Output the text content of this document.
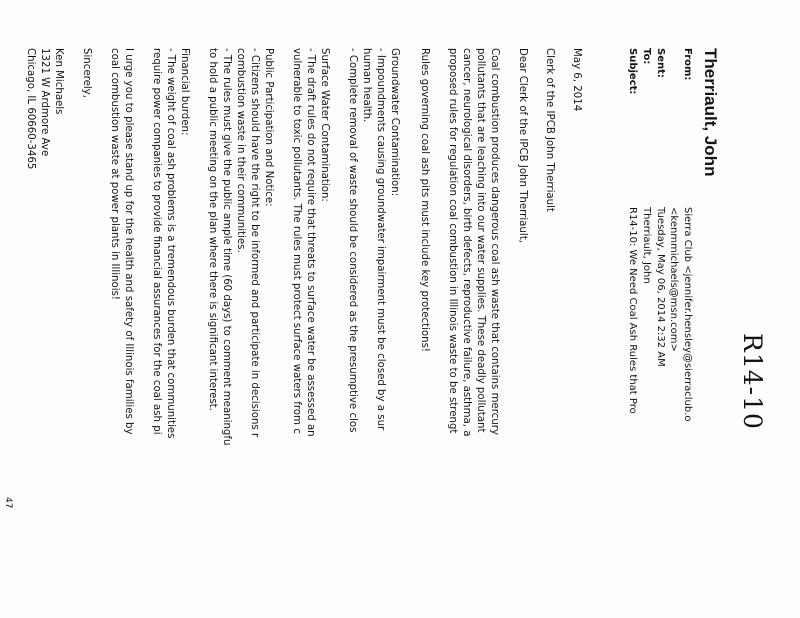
R14-10
Therriault, John
From:
Sierra Club <jennifer.hensley@sierraclub.o
<kenmmichaels@msn.com>
Sent:
Tuesday, May 06, 2014 2:32 AM
To:
Therriault, John
Subject:
R14-10: We Need Coal Ash Rules that Pro
May 6, 2014
Clerk of the IPCB John Therriault
Dear Clerk of the IPCB John Therriault,
Coal combustion produces dangerous coal ash waste that contains mercury
pollutants that are leaching into our water supplies. These deadly pollutant
cancer, neurological disorders, birth defects, reproductive failure, asthma, a
proposed rules for regulation coal combustion in Illinois waste to be strengt
Rules governing coal ash pits must include key protections!
Groundwater Contamination:
- Impoundments causing groundwater impairment must be closed by a sur
human health.
- Complete removal of waste should be considered as the presumptive clos
Surface Water Contamination:
- The draft rules do not require that threats to surface water be assessed an
vulnerable to toxic pollutants. The rules must protect surface waters from c
Public Participation and Notice:
- Citizens should have the right to be informed and participate in decisions r
combustion waste in their communities.
- The rules must give the public ample time (60 days) to comment meaningfu
to hold a public meeting on the plan where there is significant interest.
Financial burden:
- The weight of coal ash problems is a tremendous burden that communities
require power companies to provide financial assurances for the coal ash pi
I urge you to please stand up for the health and safety of Illinois families by
coal combustion waste at power plants in Illinois!
Sincerely,
Ken Michaels
1321 W Ardmore Ave
Chicago, IL 60660-3465
47
